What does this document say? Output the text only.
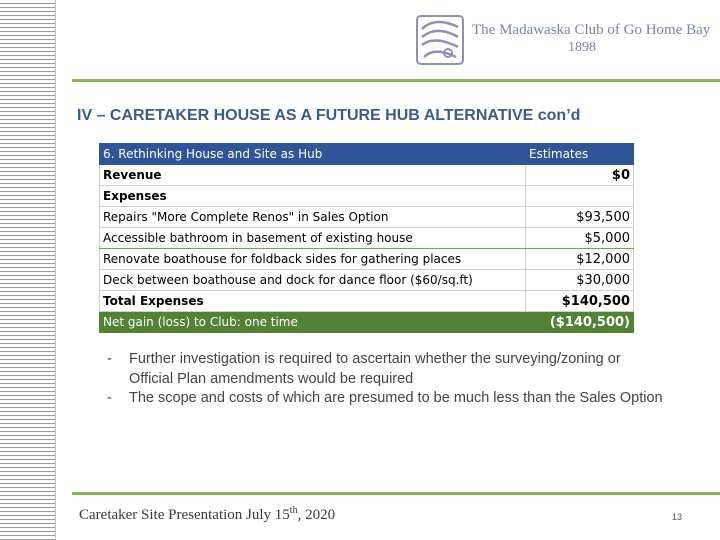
The Madawaska Club of Go Home Bay
1898
IV – CARETAKER HOUSE AS A FUTURE HUB ALTERNATIVE con’d
6. Rethinking House and Site as Hub	Estimates
Revenue	$0
Expenses	
Repairs "More Complete Renos" in Sales Option	$93,500
Accessible bathroom in basement of existing house	$5,000
Renovate boathouse for foldback sides for gathering places	$12,000
Deck between boathouse and dock for dance floor ($60/sq.ft)	$30,000
Total Expenses	$140,500
Net gain (loss) to Club: one time	($140,500)
- Further investigation is required to ascertain whether the surveying/zoning or Official Plan amendments would be required
- The scope and costs of which are presumed to be much less than the Sales Option
Caretaker Site Presentation July 15th, 2020	13
